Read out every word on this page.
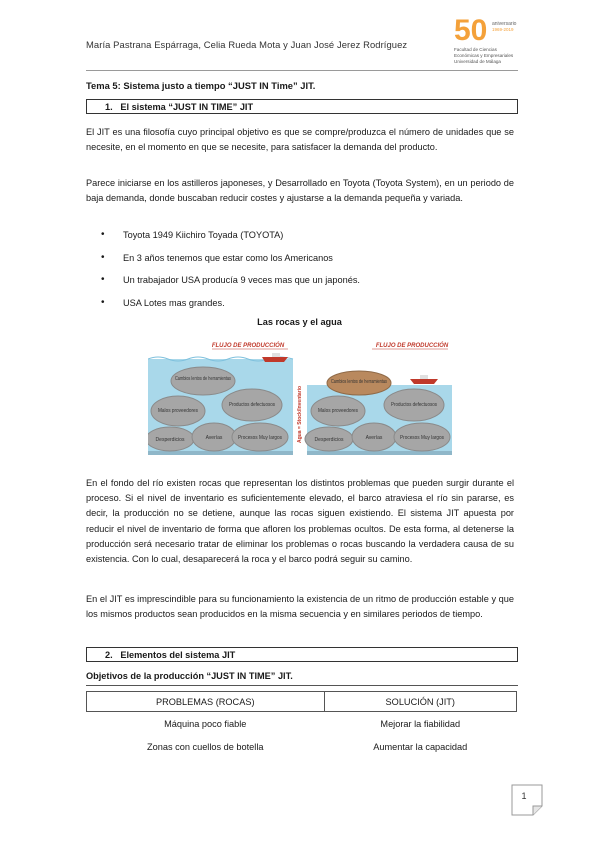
María Pastrana Espárraga, Celia Rueda Mota y Juan José Jerez Rodríguez 50 aniversario
1969-2019
Facultad de Ciencias
Económicas y Empresariales
Universidad de Málaga
Tema 5: Sistema justo a tiempo “JUST IN Time” JIT.
1. El sistema “JUST IN TIME” JIT
El JIT es una filosofía cuyo principal objetivo es que se compre/produzca el número de unidades que se necesite, en el momento en que se necesite, para satisfacer la demanda del producto.
Parece iniciarse en los astilleros japoneses, y Desarrollado en Toyota (Toyota System), en un periodo de baja demanda, donde buscaban reducir costes y ajustarse a la demanda pequeña y variada.
• Toyota 1949 Kiichiro Toyada (TOYOTA)
• En 3 años tenemos que estar como los Americanos
• Un trabajador USA producía 9 veces mas que un japonés.
• USA Lotes mas grandes.
Las rocas y el agua
FLUJO DE PRODUCCIÓN
Cambios lentos de herramientas
Malos proveedores
Productos defectuosos
Desperdicios	Averías	Procesos Muy largos	Agua = Stock/Inventario
FLUJO DE PRODUCCIÓN
Cambios lentos de herramientas
Malos proveedores
Productos defectuosos
Desperdicios	Averías	Procesos Muy largos
En el fondo del río existen rocas que representan los distintos problemas que pueden surgir durante el proceso. Si el nivel de inventario es suficientemente elevado, el barco atraviesa el río sin pararse, es decir, la producción no se detiene, aunque las rocas siguen existiendo. El sistema JIT apuesta por reducir el nivel de inventario de forma que afloren los problemas ocultos. De esta forma, al detenerse la producción será necesario tratar de eliminar los problemas o rocas buscando la verdadera causa de su existencia. Con lo cual, desaparecerá la roca y el barco podrá seguir su camino.
En el JIT es imprescindible para su funcionamiento la existencia de un ritmo de producción estable y que los mismos productos sean producidos en la misma secuencia y en similares periodos de tiempo.
2. Elementos del sistema JIT
Objetivos de la producción “JUST IN TIME” JIT.
PROBLEMAS (ROCAS)	SOLUCIÓN (JIT)
Máquina poco fiable	Mejorar la fiabilidad
Zonas con cuellos de botella	Aumentar la capacidad
1
